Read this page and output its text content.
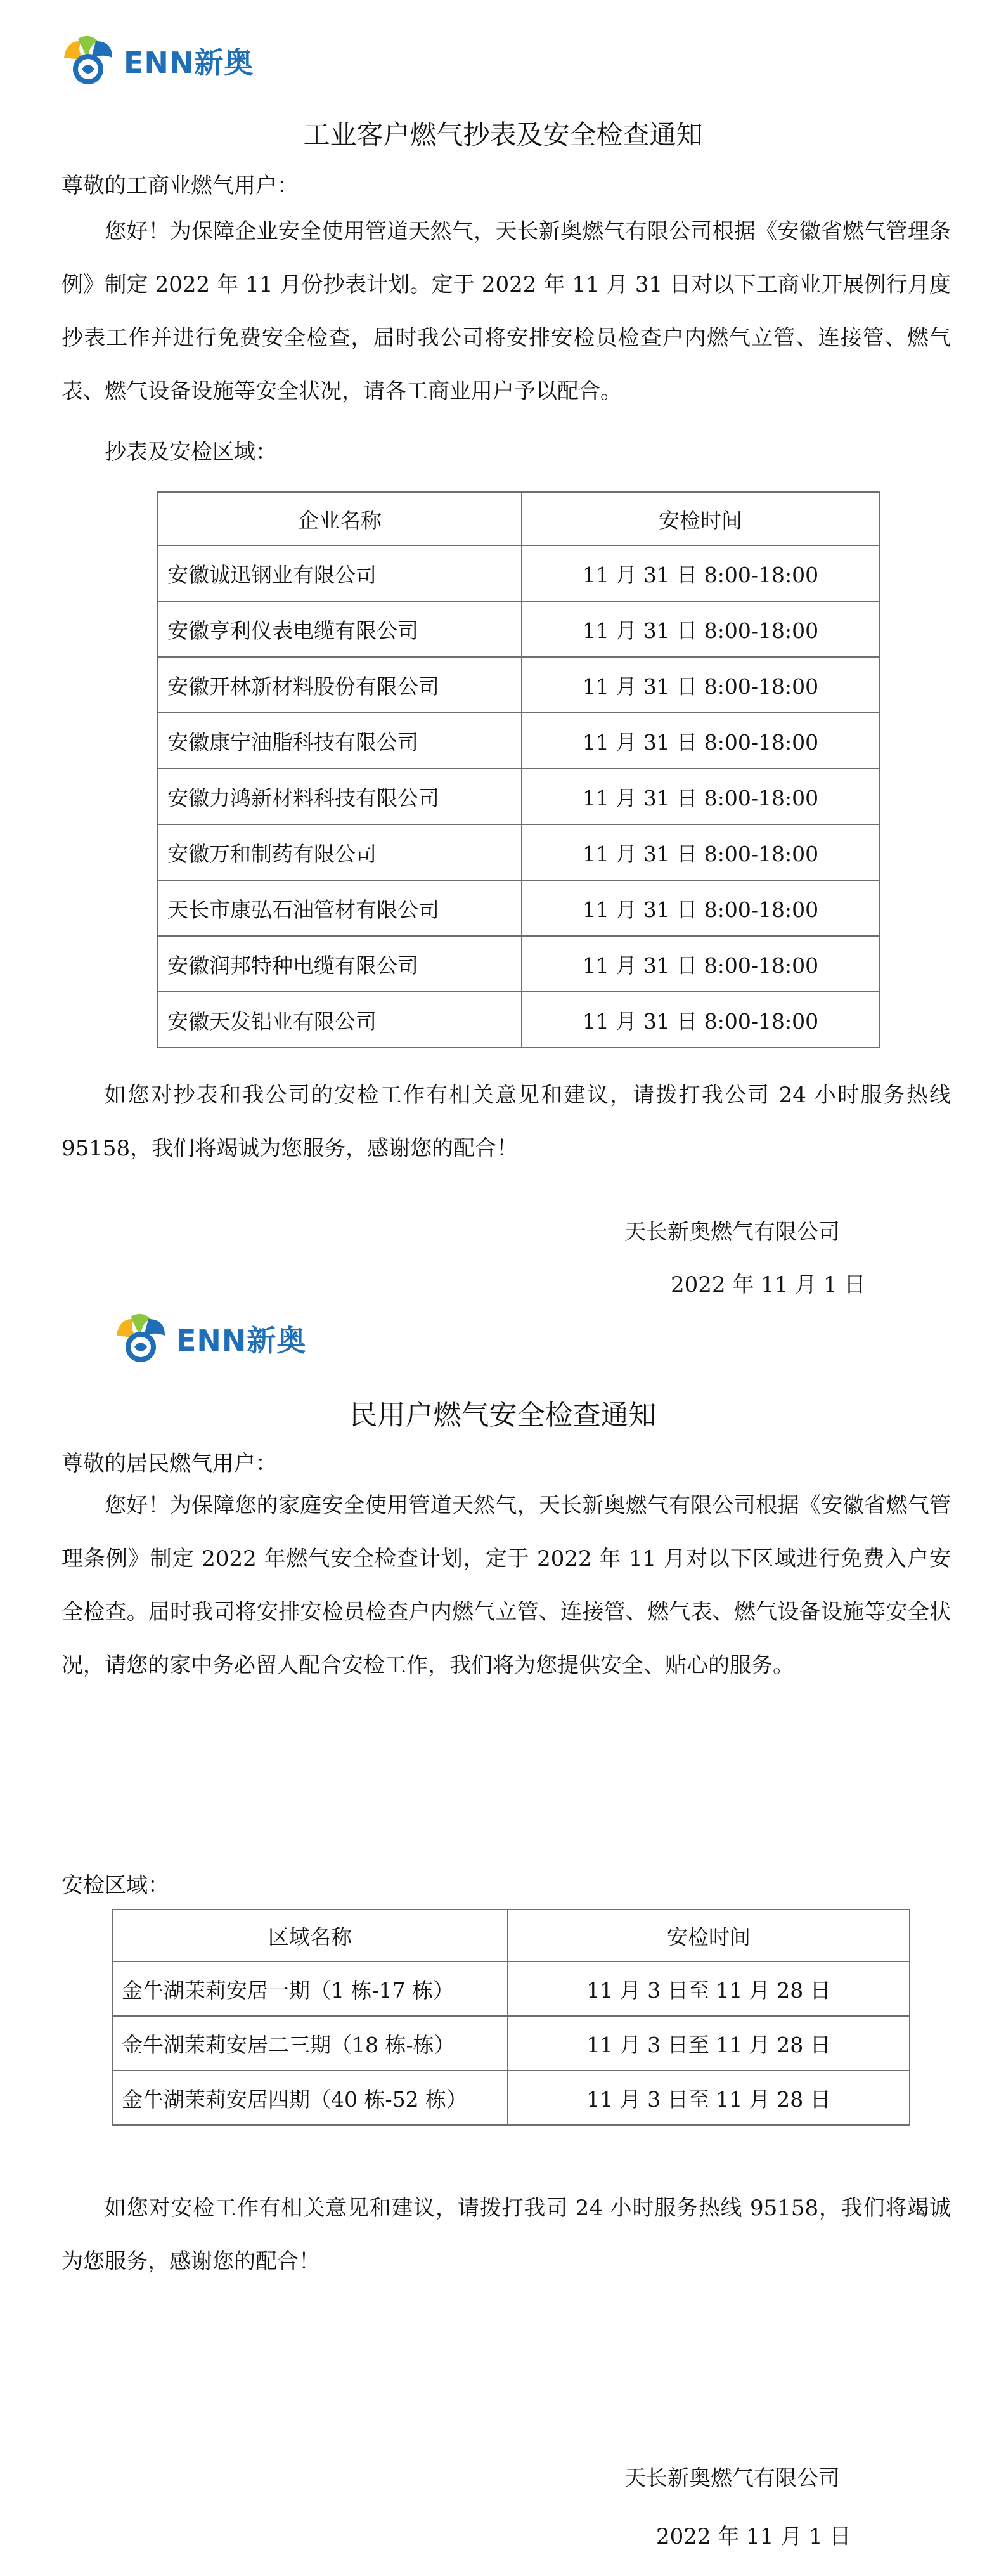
ENN新奥
工业客户燃气抄表及安全检查通知
尊敬的工商业燃气用户：

您好！为保障企业安全使用管道天然气，天长新奥燃气有限公司根据《安徽省燃气管理条例》制定 2022 年 11 月份抄表计划。定于 2022 年 11 月 31 日对以下工商业开展例行月度抄表工作并进行免费安全检查，届时我公司将安排安检员检查户内燃气立管、连接管、燃气表、燃气设备设施等安全状况，请各工商业用户予以配合。

抄表及安检区域：
企业名称	安检时间
安徽诚迅钢业有限公司	11 月 31 日 8:00-18:00
安徽亨利仪表电缆有限公司	11 月 31 日 8:00-18:00
安徽开林新材料股份有限公司	11 月 31 日 8:00-18:00
安徽康宁油脂科技有限公司	11 月 31 日 8:00-18:00
安徽力鸿新材料科技有限公司	11 月 31 日 8:00-18:00
安徽万和制药有限公司	11 月 31 日 8:00-18:00
天长市康弘石油管材有限公司	11 月 31 日 8:00-18:00
安徽润邦特种电缆有限公司	11 月 31 日 8:00-18:00
安徽天发铝业有限公司	11 月 31 日 8:00-18:00

如您对抄表和我公司的安检工作有相关意见和建议，请拨打我公司 24 小时服务热线 95158，我们将竭诚为您服务，感谢您的配合！

天长新奥燃气有限公司
2022 年 11 月 1 日
ENN新奥
民用户燃气安全检查通知
尊敬的居民燃气用户：

您好！为保障您的家庭安全使用管道天然气，天长新奥燃气有限公司根据《安徽省燃气管理条例》制定 2022 年燃气安全检查计划，定于 2022 年 11 月对以下区域进行免费入户安全检查。届时我司将安排安检员检查户内燃气立管、连接管、燃气表、燃气设备设施等安全状况，请您的家中务必留人配合安检工作，我们将为您提供安全、贴心的服务。

安检区域：
区域名称	安检时间
金牛湖茉莉安居一期（1 栋-17 栋）	11 月 3 日至 11 月 28 日
金牛湖茉莉安居二三期（18 栋-栋）	11 月 3 日至 11 月 28 日
金牛湖茉莉安居四期（40 栋-52 栋）	11 月 3 日至 11 月 28 日

如您对安检工作有相关意见和建议，请拨打我司 24 小时服务热线 95158，我们将竭诚为您服务，感谢您的配合！

天长新奥燃气有限公司
2022 年 11 月 1 日
